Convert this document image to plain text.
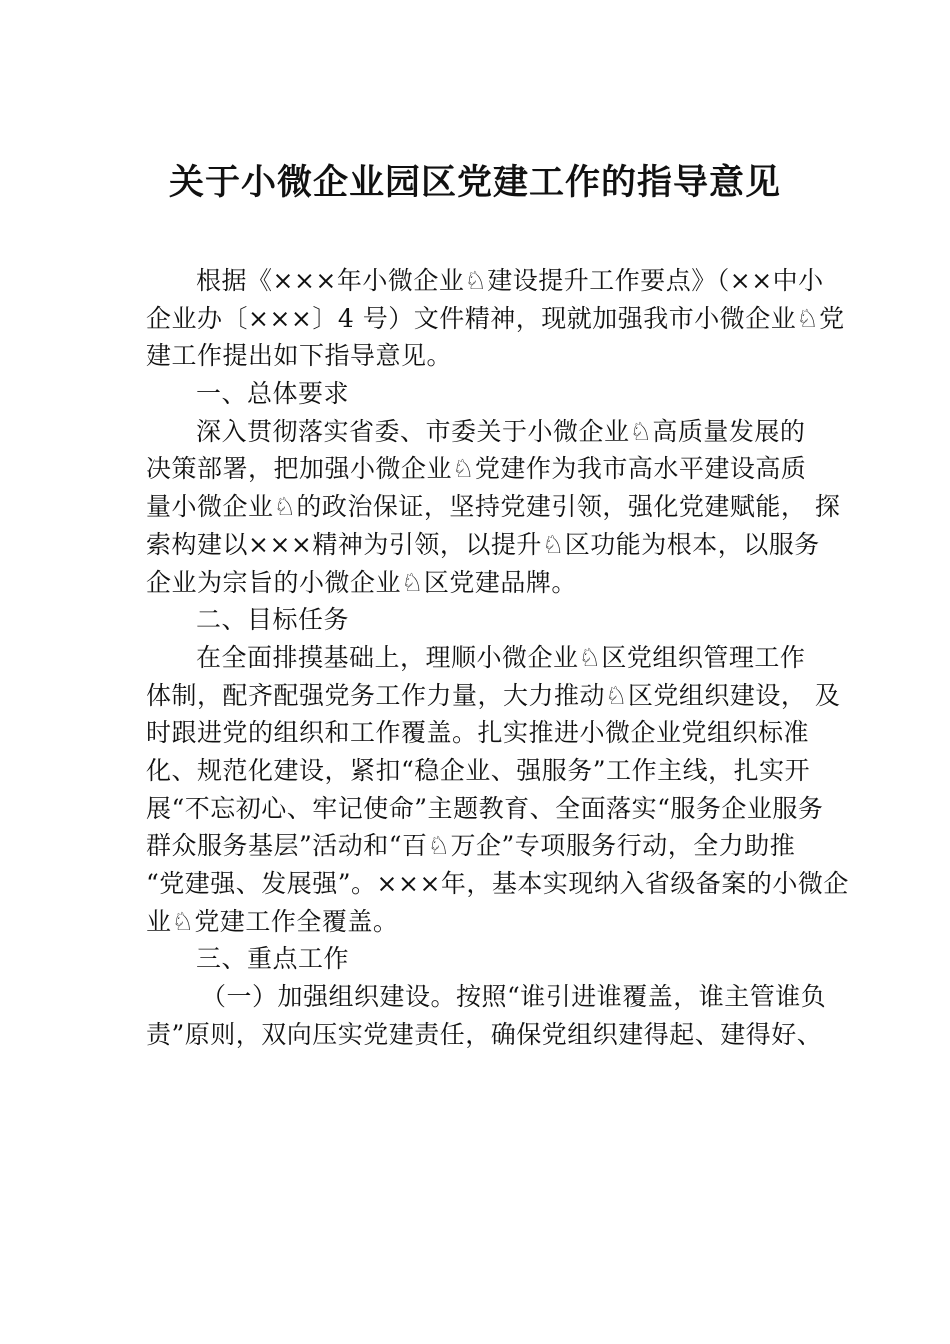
关于小微企业园区党建工作的指导意见
根据《×××年小微企业♘建设提升工作要点》（××中小
企业办〔×××〕4 号）文件精神，现就加强我市小微企业♘党
建工作提出如下指导意见。
一、总体要求
深入贯彻落实省委、市委关于小微企业♘高质量发展的
决策部署，把加强小微企业♘党建作为我市高水平建设高质
量小微企业♘的政治保证，坚持党建引领，强化党建赋能， 探
索构建以×××精神为引领，以提升♘区功能为根本，以服务
企业为宗旨的小微企业♘区党建品牌。
二、目标任务
在全面排摸基础上，理顺小微企业♘区党组织管理工作
体制，配齐配强党务工作力量，大力推动♘区党组织建设， 及
时跟进党的组织和工作覆盖。扎实推进小微企业党组织标准
化、规范化建设，紧扣“稳企业、强服务”工作主线，扎实开
展“不忘初心、牢记使命”主题教育、全面落实“服务企业服务
群众服务基层”活动和“百♘万企”专项服务行动，全力助推
“党建强、发展强”。×××年，基本实现纳入省级备案的小微企
业♘党建工作全覆盖。
三、重点工作
（一）加强组织建设。按照“谁引进谁覆盖，谁主管谁负
责”原则，双向压实党建责任，确保党组织建得起、建得好、
